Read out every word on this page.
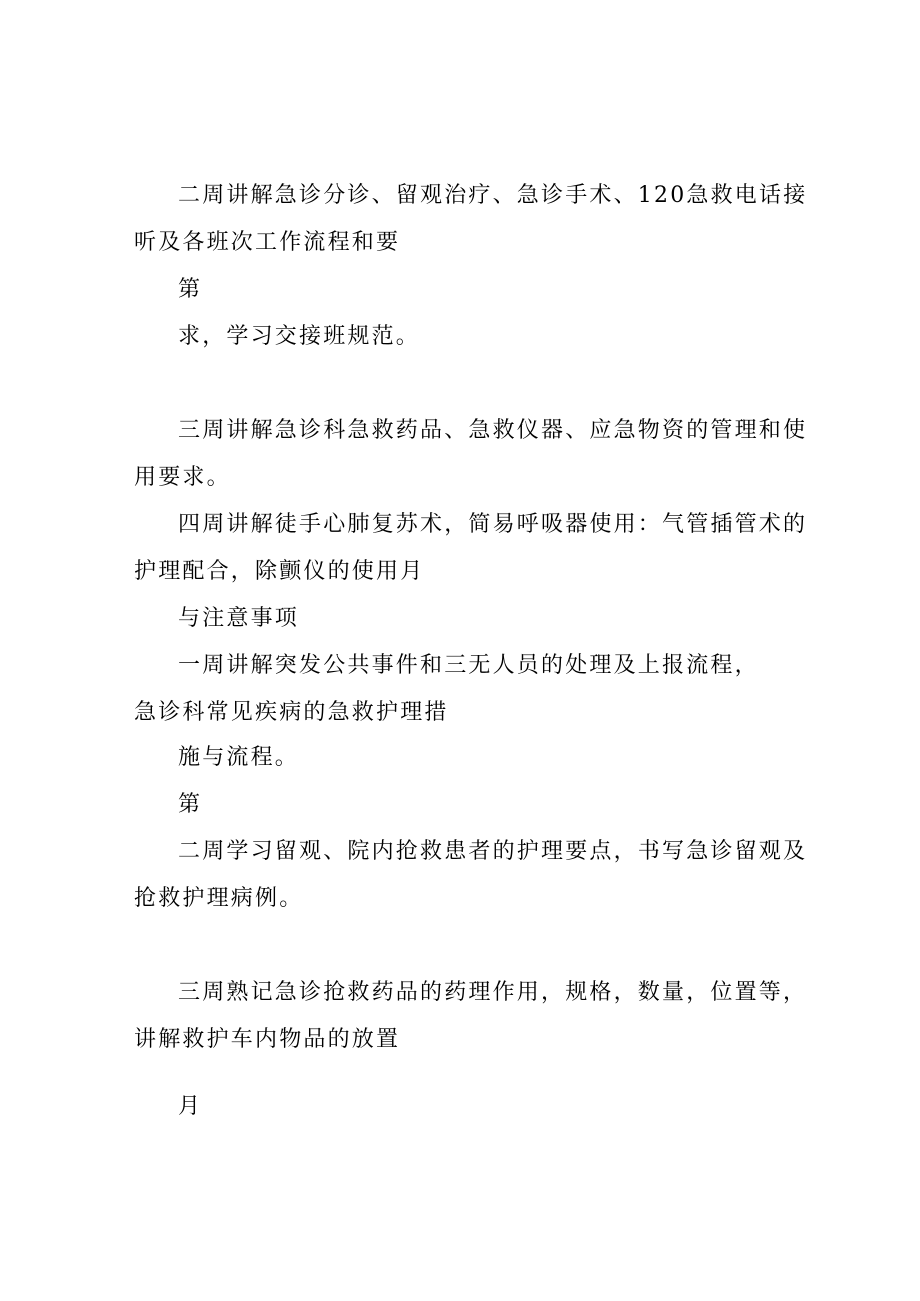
二周讲解急诊分诊、留观治疗、急诊手术、120急救电话接

听及各班次工作流程和要

第

求，学习交接班规范。

三周讲解急诊科急救药品、急救仪器、应急物资的管理和使

用要求。

四周讲解徒手心肺复苏术，简易呼吸器使用：气管插管术的

护理配合，除颤仪的使用月

与注意事项

一周讲解突发公共事件和三无人员的处理及上报流程，

急诊科常见疾病的急救护理措

施与流程。

第

二周学习留观、院内抢救患者的护理要点，书写急诊留观及

抢救护理病例。

三周熟记急诊抢救药品的药理作用，规格，数量，位置等，

讲解救护车内物品的放置

月
